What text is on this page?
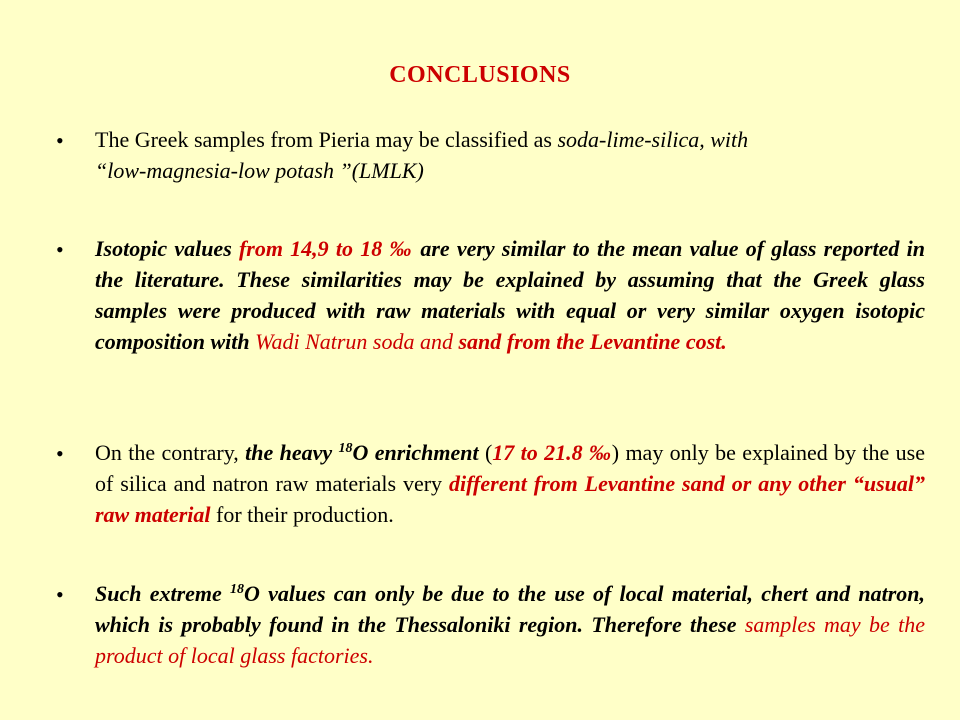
CONCLUSIONS
• The Greek samples from Pieria may be classified as soda-lime-silica, with
“low-magnesia-low potash ”(LMLK)
• Isotopic values from 14,9 to 18 ‰ are very similar to the mean value of glass reported in the literature. These similarities may be explained by assuming that the Greek glass samples were produced with raw materials with equal or very similar oxygen isotopic composition with Wadi Natrun soda and sand from the Levantine cost.
• On the contrary, the heavy $^{18}$O enrichment (17 to 21.8 ‰) may only be explained by the use of silica and natron raw materials very different from Levantine sand or any other “usual” raw material for their production.
• Such extreme $^{18}$O values can only be due to the use of local material, chert and natron, which is probably found in the Thessaloniki region. Therefore these samples may be the product of local glass factories.
